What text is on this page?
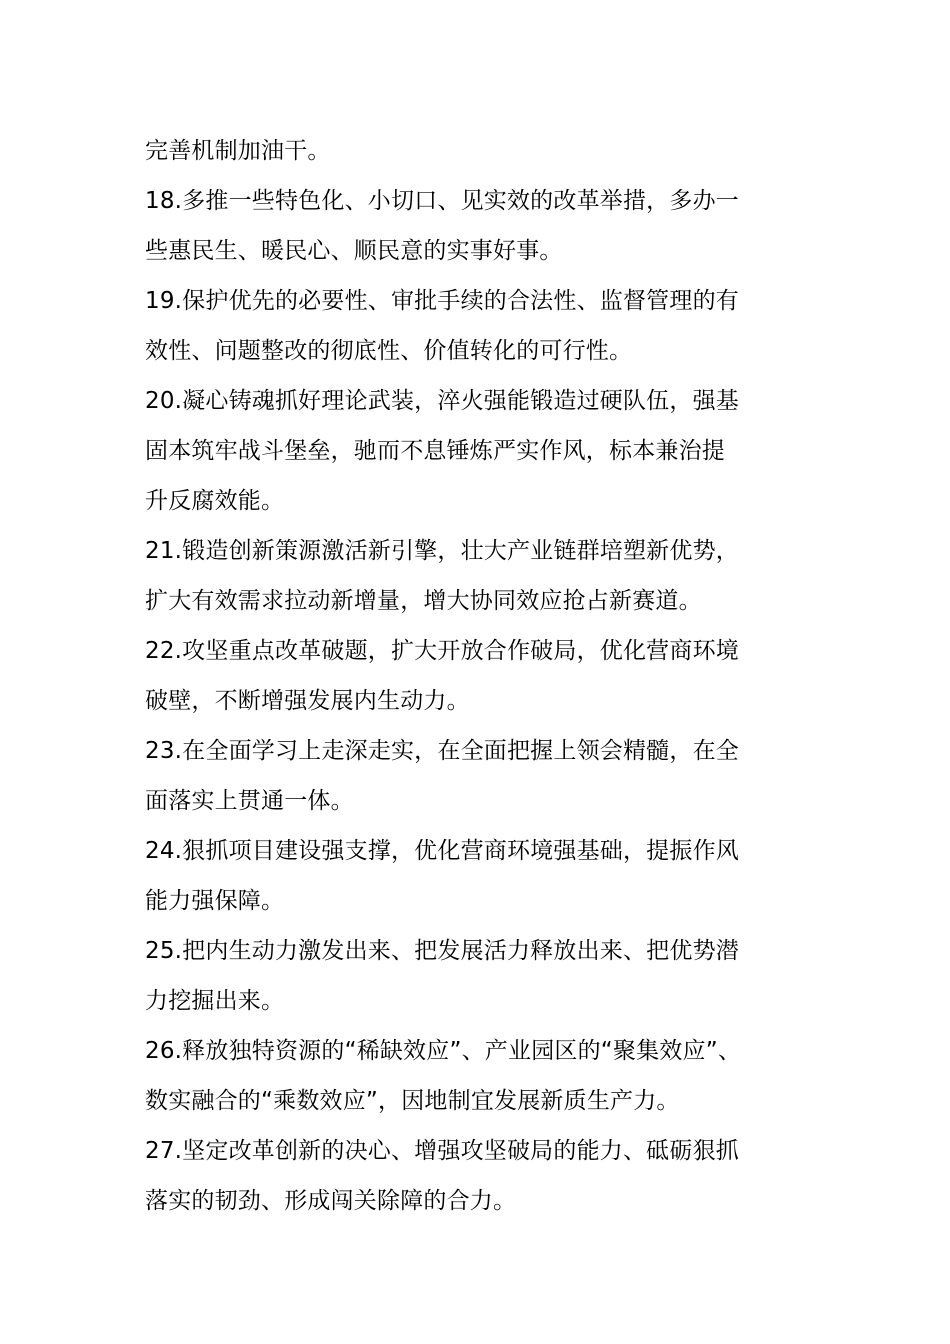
完善机制加油干。

18.多推一些特色化、小切口、见实效的改革举措，多办一
些惠民生、暖民心、顺民意的实事好事。

19.保护优先的必要性、审批手续的合法性、监督管理的有
效性、问题整改的彻底性、价值转化的可行性。

20.凝心铸魂抓好理论武装，淬火强能锻造过硬队伍，强基
固本筑牢战斗堡垒，驰而不息锤炼严实作风，标本兼治提
升反腐效能。

21.锻造创新策源激活新引擎，壮大产业链群培塑新优势，
扩大有效需求拉动新增量，增大协同效应抢占新赛道。

22.攻坚重点改革破题，扩大开放合作破局，优化营商环境
破壁，不断增强发展内生动力。

23.在全面学习上走深走实，在全面把握上领会精髓，在全
面落实上贯通一体。

24.狠抓项目建设强支撑，优化营商环境强基础，提振作风
能力强保障。

25.把内生动力激发出来、把发展活力释放出来、把优势潜
力挖掘出来。

26.释放独特资源的“稀缺效应”、产业园区的“聚集效应”、
数实融合的“乘数效应”，因地制宜发展新质生产力。

27.坚定改革创新的决心、增强攻坚破局的能力、砥砺狠抓
落实的韧劲、形成闯关除障的合力。
